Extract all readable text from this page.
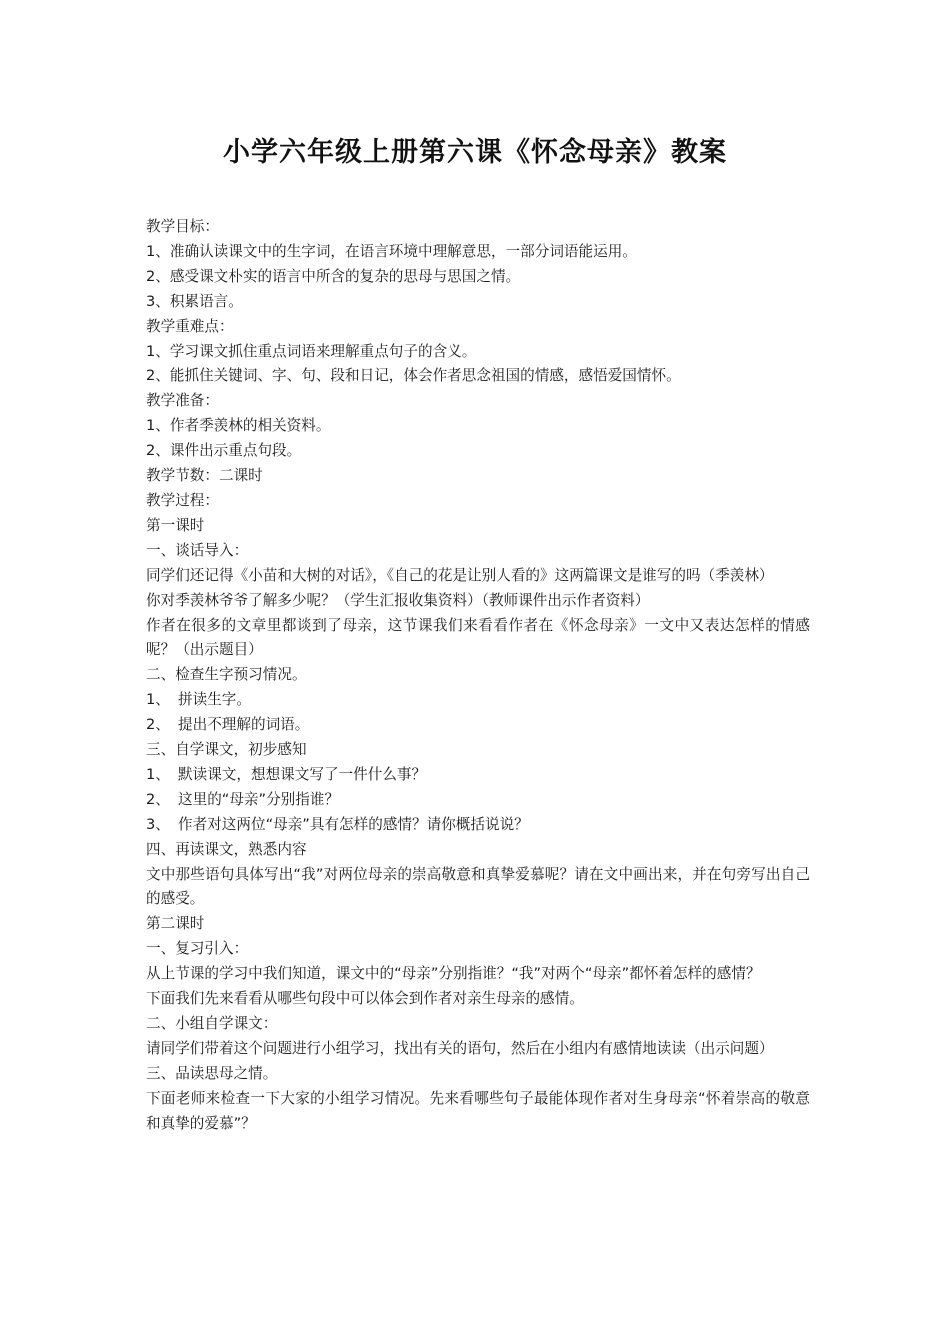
小学六年级上册第六课《怀念母亲》教案
教学目标：
1、准确认读课文中的生字词，在语言环境中理解意思，一部分词语能运用。
2、感受课文朴实的语言中所含的复杂的思母与思国之情。
3、积累语言。
教学重难点：
1、学习课文抓住重点词语来理解重点句子的含义。
2、能抓住关键词、字、句、段和日记，体会作者思念祖国的情感，感悟爱国情怀。
教学准备：
1、作者季羡林的相关资料。
2、课件出示重点句段。
教学节数：二课时
教学过程：
第一课时
一、谈话导入：
同学们还记得《小苗和大树的对话》，《自己的花是让别人看的》这两篇课文是谁写的吗（季羡林）
你对季羡林爷爷了解多少呢？（学生汇报收集资料）（教师课件出示作者资料）
作者在很多的文章里都谈到了母亲，这节课我们来看看作者在《怀念母亲》一文中又表达怎样的情感呢？（出示题目）
二、检查生字预习情况。
1、 拼读生字。
2、 提出不理解的词语。
三、自学课文，初步感知
1、 默读课文，想想课文写了一件什么事？
2、 这里的“母亲”分别指谁？
3、 作者对这两位“母亲”具有怎样的感情？请你概括说说？
四、再读课文，熟悉内容
文中那些语句具体写出“我”对两位母亲的崇高敬意和真挚爱慕呢？请在文中画出来，并在句旁写出自己的感受。
第二课时
一、复习引入：
从上节课的学习中我们知道，课文中的“母亲”分别指谁？“我”对两个“母亲”都怀着怎样的感情？
下面我们先来看看从哪些句段中可以体会到作者对亲生母亲的感情。
二、小组自学课文：
请同学们带着这个问题进行小组学习，找出有关的语句，然后在小组内有感情地读读（出示问题）
三、品读思母之情。
下面老师来检查一下大家的小组学习情况。先来看哪些句子最能体现作者对生身母亲“怀着崇高的敬意和真挚的爱慕”？
